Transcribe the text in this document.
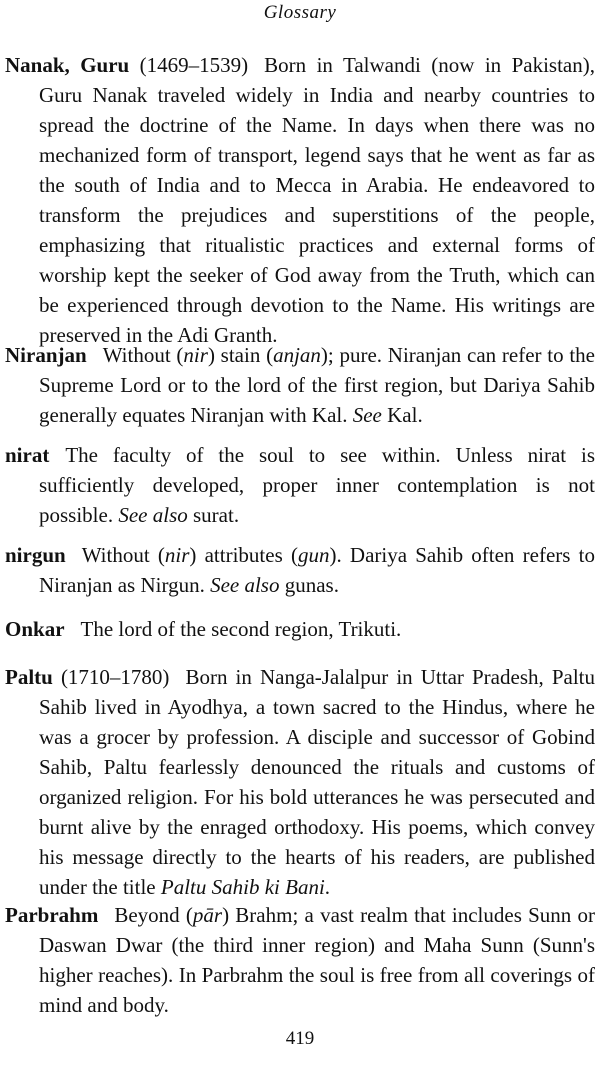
Glossary

Nanak, Guru (1469–1539) Born in Talwandi (now in Pakistan), Guru Nanak traveled widely in India and nearby countries to spread the doctrine of the Name. In days when there was no mechanized form of transport, legend says that he went as far as the south of India and to Mecca in Arabia. He endeavored to transform the prejudices and superstitions of the people, emphasizing that ritualistic practices and external forms of worship kept the seeker of God away from the Truth, which can be experienced through devotion to the Name. His writings are preserved in the Adi Granth.

Niranjan Without (nir) stain (anjan); pure. Niranjan can refer to the Supreme Lord or to the lord of the first region, but Dariya Sahib generally equates Niranjan with Kal. See Kal.

nirat The faculty of the soul to see within. Unless nirat is sufficiently developed, proper inner contemplation is not possible. See also surat.

nirgun Without (nir) attributes (gun). Dariya Sahib often refers to Niranjan as Nirgun. See also gunas.

Onkar The lord of the second region, Trikuti.

Paltu (1710–1780) Born in Nanga-Jalalpur in Uttar Pradesh, Paltu Sahib lived in Ayodhya, a town sacred to the Hindus, where he was a grocer by profession. A disciple and successor of Gobind Sahib, Paltu fearlessly denounced the rituals and customs of organized religion. For his bold utterances he was persecuted and burnt alive by the enraged orthodoxy. His poems, which convey his message directly to the hearts of his readers, are published under the title Paltu Sahib ki Bani.

Parbrahm Beyond (pār) Brahm; a vast realm that includes Sunn or Daswan Dwar (the third inner region) and Maha Sunn (Sunn's higher reaches). In Parbrahm the soul is free from all coverings of mind and body.

419
